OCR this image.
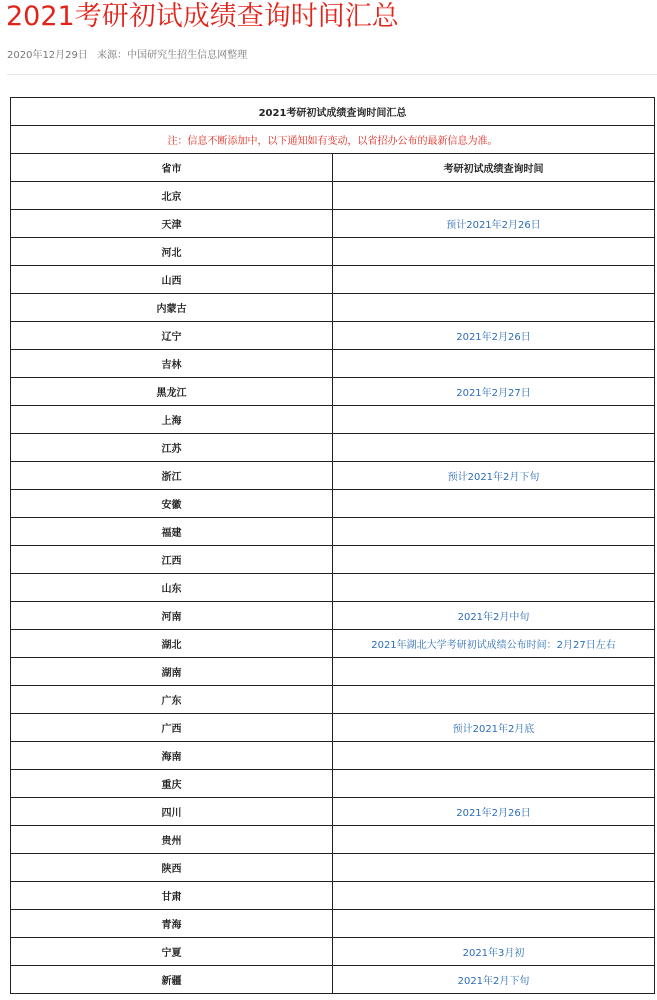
2021考研初试成绩查询时间汇总
2020年12月29日 来源：中国研究生招生信息网整理
2021考研初试成绩查询时间汇总	
注：信息不断添加中，以下通知如有变动，以省招办公布的最新信息为准。	
省市	考研初试成绩查询时间
北京	
天津	预计2021年2月26日
河北	
山西	
内蒙古	
辽宁	2021年2月26日
吉林	
黑龙江	2021年2月27日
上海	
江苏	
浙江	预计2021年2月下旬
安徽	
福建	
江西	
山东	
河南	2021年2月中旬
湖北	2021年湖北大学考研初试成绩公布时间：2月27日左右
湖南	
广东	
广西	预计2021年2月底
海南	
重庆	
四川	2021年2月26日
贵州	
陕西	
甘肃	
青海	
宁夏	2021年3月初
新疆	2021年2月下旬
